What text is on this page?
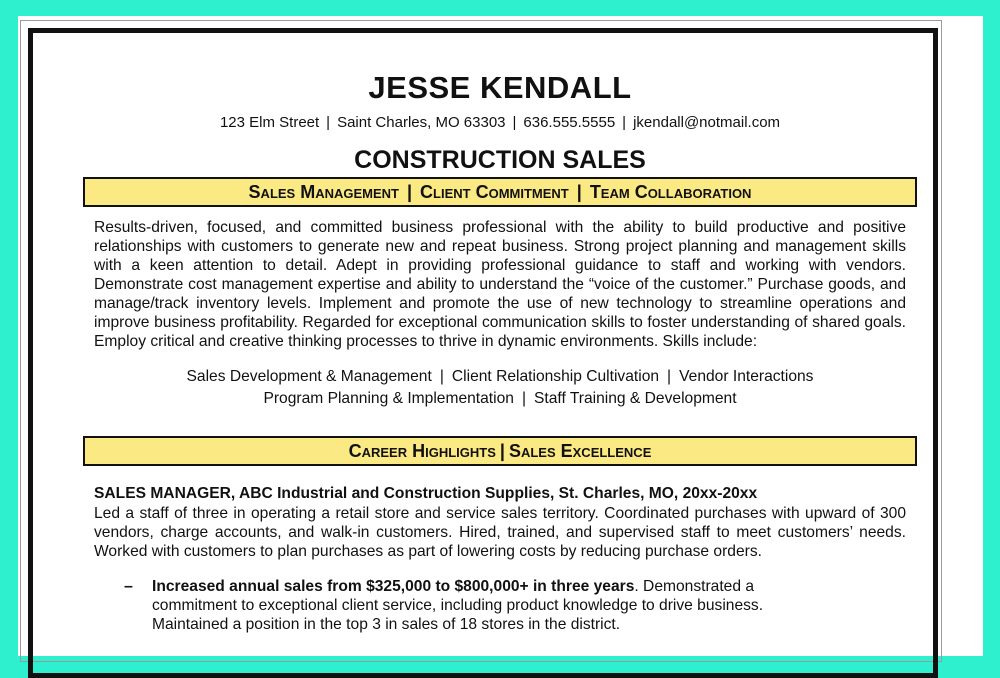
JESSE KENDALL
123 Elm Street | Saint Charles, MO 63303 | 636.555.5555 | jkendall@notmail.com
CONSTRUCTION SALES
Sales Management | Client Commitment | Team Collaboration
Results-driven, focused, and committed business professional with the ability to build productive and positive relationships with customers to generate new and repeat business. Strong project planning and management skills with a keen attention to detail. Adept in providing professional guidance to staff and working with vendors. Demonstrate cost management expertise and ability to understand the “voice of the customer.” Purchase goods, and manage/track inventory levels. Implement and promote the use of new technology to streamline operations and improve business profitability. Regarded for exceptional communication skills to foster understanding of shared goals. Employ critical and creative thinking processes to thrive in dynamic environments. Skills include:
Sales Development & Management | Client Relationship Cultivation | Vendor Interactions
Program Planning & Implementation | Staff Training & Development
Career Highlights | Sales Excellence
SALES MANAGER, ABC Industrial and Construction Supplies, St. Charles, MO, 20xx-20xx
Led a staff of three in operating a retail store and service sales territory. Coordinated purchases with upward of 300 vendors, charge accounts, and walk-in customers. Hired, trained, and supervised staff to meet customers’ needs. Worked with customers to plan purchases as part of lowering costs by reducing purchase orders.
– Increased annual sales from $325,000 to $800,000+ in three years. Demonstrated a commitment to exceptional client service, including product knowledge to drive business. Maintained a position in the top 3 in sales of 18 stores in the district.
